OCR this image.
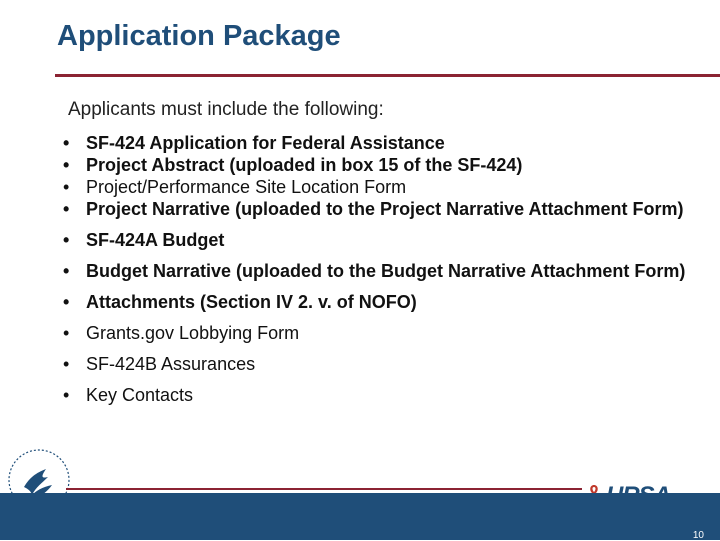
Application Package
Applicants must include the following:
• SF-424 Application for Federal Assistance
• Project Abstract (uploaded in box 15 of the SF-424)
• Project/Performance Site Location Form
• Project Narrative (uploaded to the Project Narrative Attachment Form)
• SF-424A Budget
• Budget Narrative (uploaded to the Budget Narrative Attachment Form)
• Attachments (Section IV 2. v. of NOFO)
• Grants.gov Lobbying Form
• SF-424B Assurances
• Key Contacts
10
